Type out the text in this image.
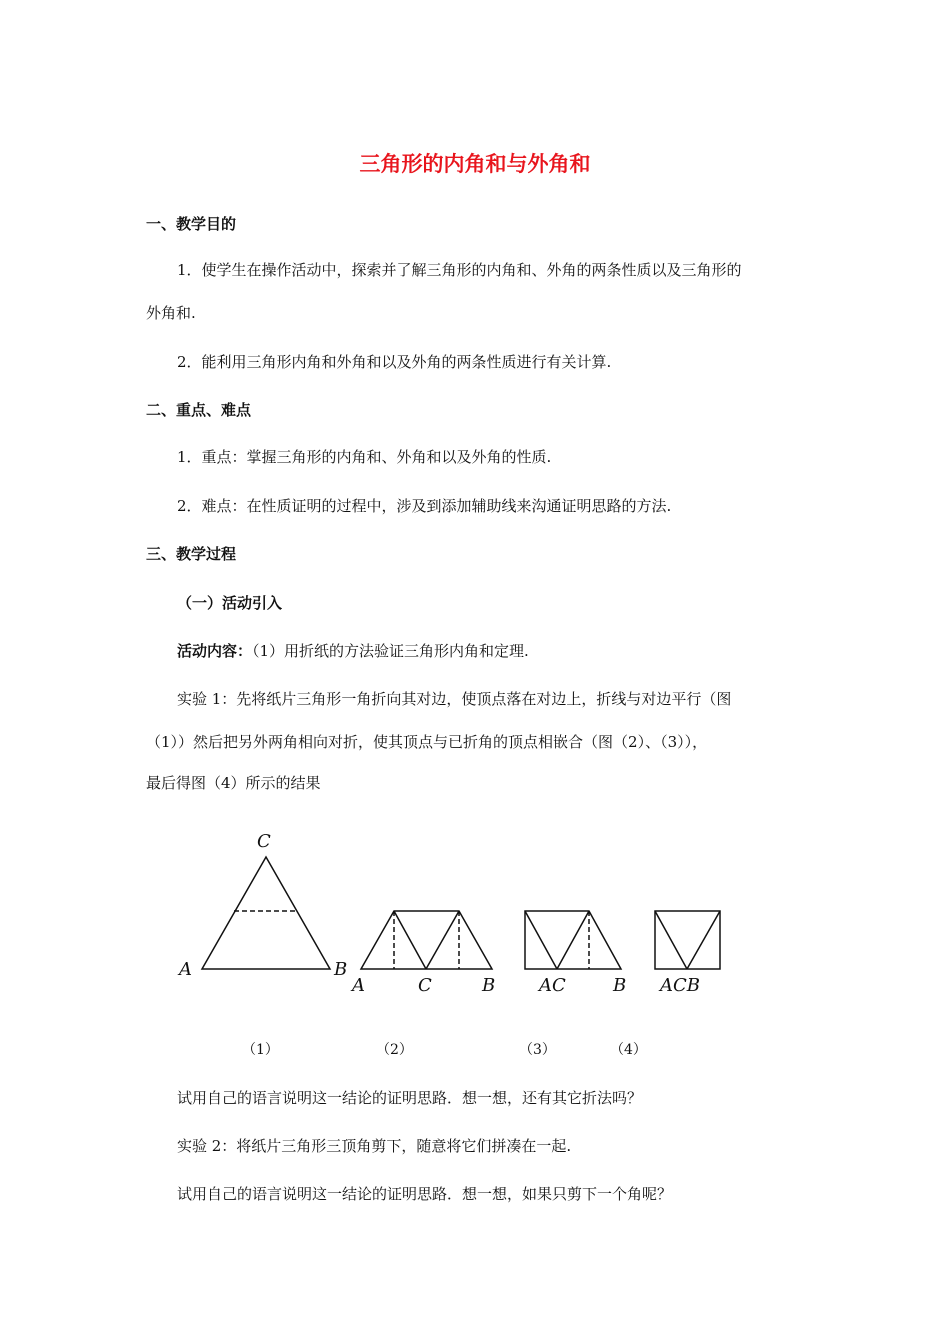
三角形的内角和与外角和
一、教学目的
1．使学生在操作活动中，探索并了解三角形的内角和、外角的两条性质以及三角形的
外角和.
2．能利用三角形内角和外角和以及外角的两条性质进行有关计算.
二、重点、难点
1．重点：掌握三角形的内角和、外角和以及外角的性质.
2．难点：在性质证明的过程中，涉及到添加辅助线来沟通证明思路的方法.
三、教学过程
（一）活动引入
活动内容：（1）用折纸的方法验证三角形内角和定理.
实验 1：先将纸片三角形一角折向其对边，使顶点落在对边上，折线与对边平行（图
（1））然后把另外两角相向对折，使其顶点与已折角的顶点相嵌合（图（2）、（3）），
最后得图（4）所示的结果
C
A	B
A	C	B AC	B ACB
（1）	（2）	（3）	（4）
试用自己的语言说明这一结论的证明思路．想一想，还有其它折法吗？
实验 2：将纸片三角形三顶角剪下，随意将它们拼凑在一起.
试用自己的语言说明这一结论的证明思路．想一想，如果只剪下一个角呢？
